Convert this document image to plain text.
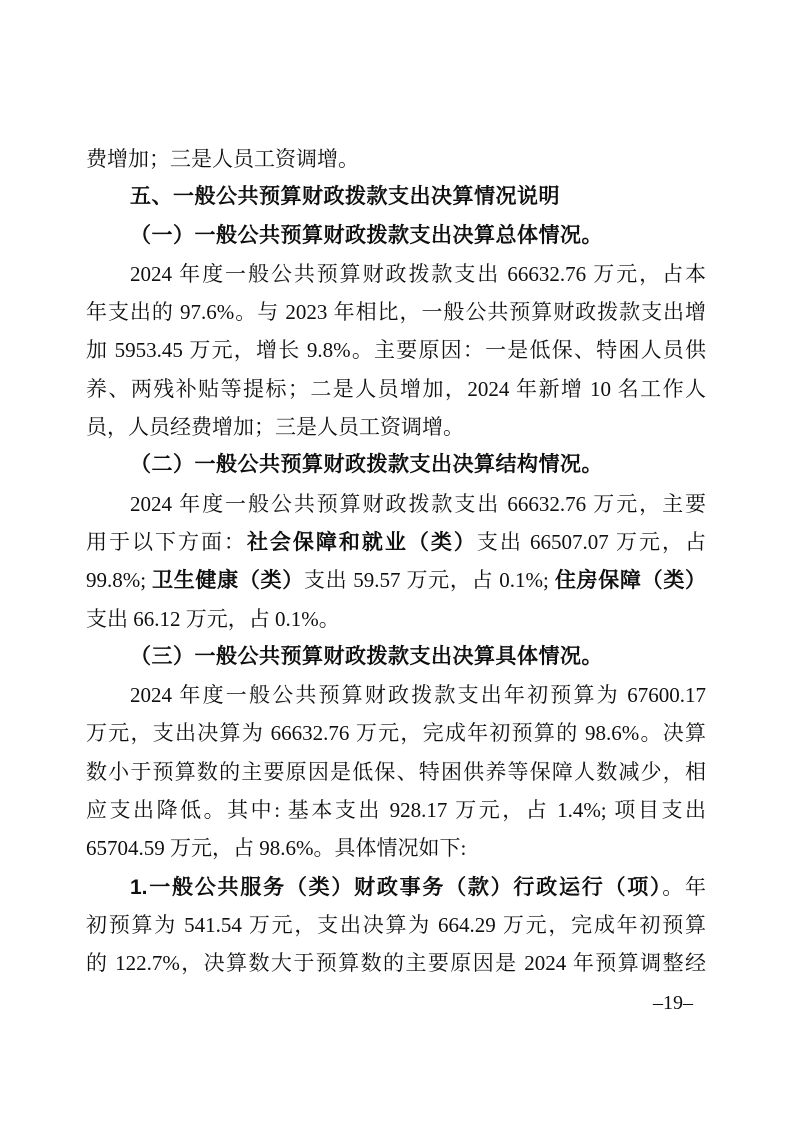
费增加；三是人员工资调增。
五、一般公共预算财政拨款支出决算情况说明
（一）一般公共预算财政拨款支出决算总体情况。
2024 年度一般公共预算财政拨款支出 66632.76 万元，占本
年支出的 97.6%。与 2023 年相比，一般公共预算财政拨款支出增
加 5953.45 万元，增长 9.8%。主要原因：一是低保、特困人员供
养、两残补贴等提标；二是人员增加，2024 年新增 10 名工作人
员，人员经费增加；三是人员工资调增。
（二）一般公共预算财政拨款支出决算结构情况。
2024 年度一般公共预算财政拨款支出 66632.76 万元，主要
用于以下方面：社会保障和就业（类）支出 66507.07 万元，占
99.8%; 卫生健康（类）支出 59.57 万元，占 0.1%; 住房保障（类）
支出 66.12 万元，占 0.1%。
（三）一般公共预算财政拨款支出决算具体情况。
2024 年度一般公共预算财政拨款支出年初预算为 67600.17
万元，支出决算为 66632.76 万元，完成年初预算的 98.6%。决算
数小于预算数的主要原因是低保、特困供养等保障人数减少，相
应支出降低。其中: 基本支出 928.17 万元，占 1.4%; 项目支出
65704.59 万元，占 98.6%。具体情况如下:
1.一般公共服务（类）财政事务（款）行政运行（项）。年
初预算为 541.54 万元，支出决算为 664.29 万元，完成年初预算
的 122.7%，决算数大于预算数的主要原因是 2024 年预算调整经
–19–
